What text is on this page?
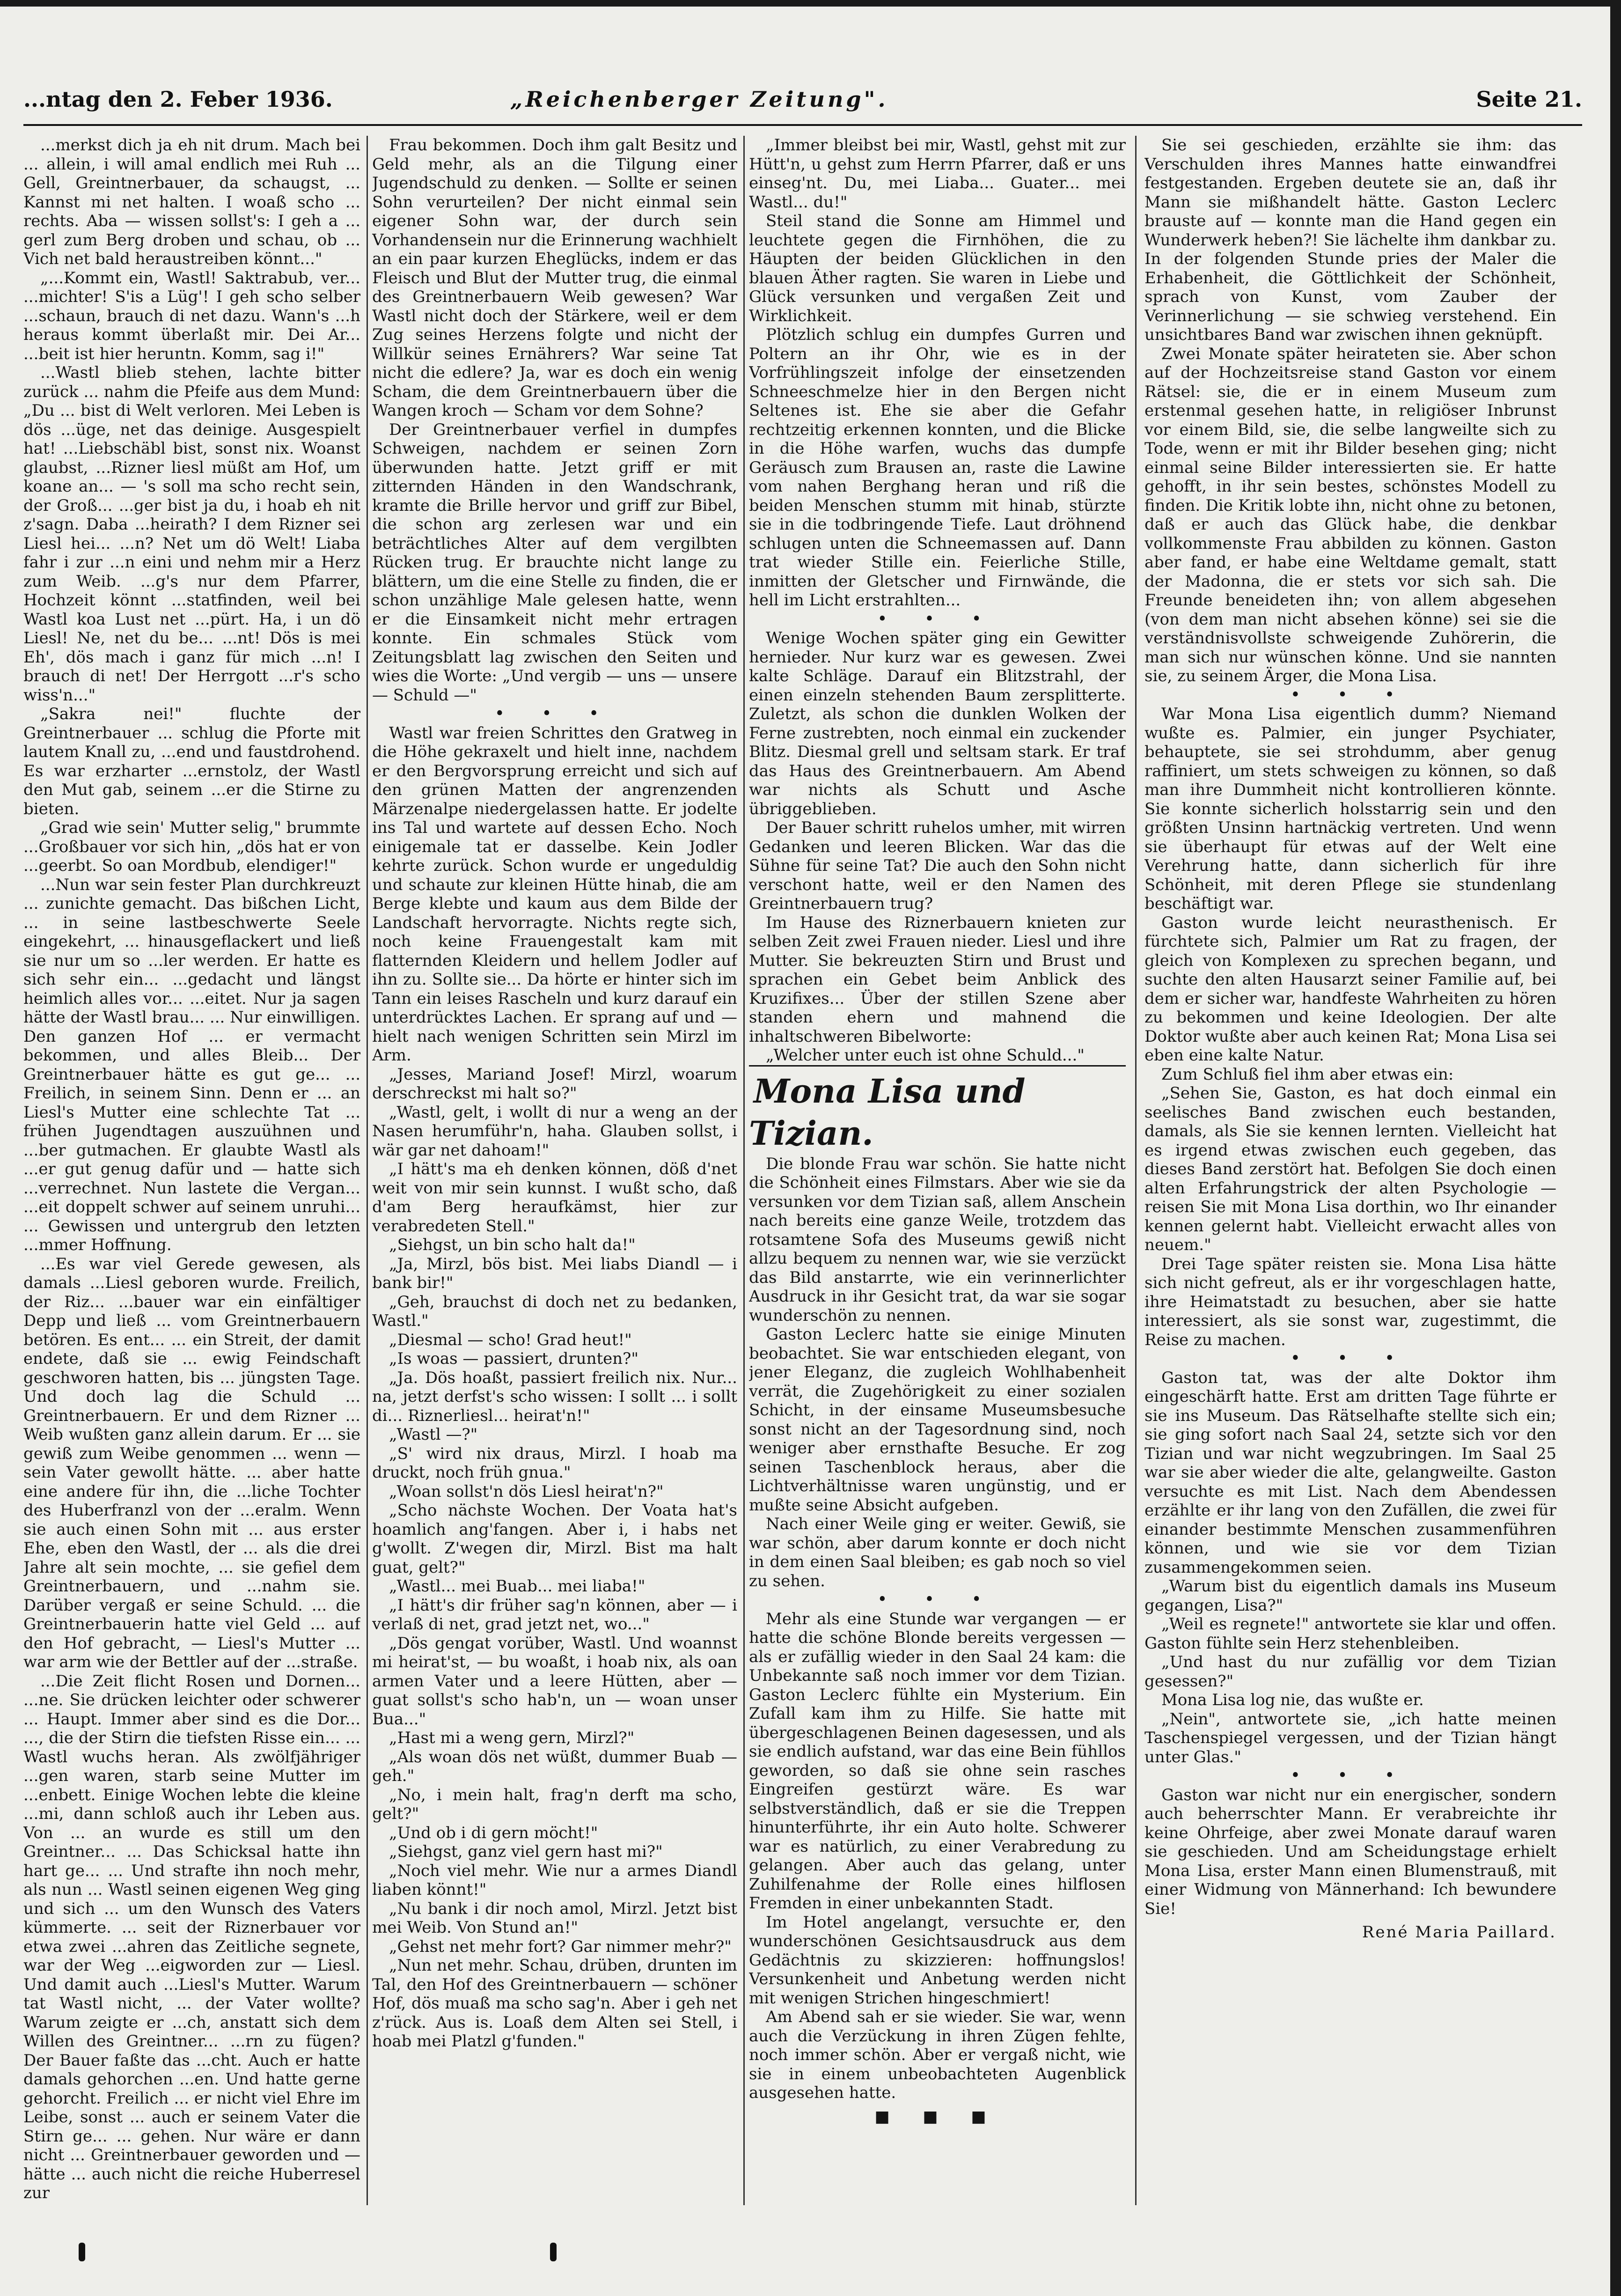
...ntag den 2. Feber 1936.	„Reichenberger Zeitung".	Seite 21.

...merkst dich ja eh nit drum. Mach bei ... allein, i will amal endlich mei Ruh ... Gell, Greintnerbauer, da schaugst, ... Kannst mi net halten. I woaß scho ... rechts. Aba — wissen sollst's: I geh a ... gerl zum Berg droben und schau, ob ... Vich net bald heraustreiben könnt..."

„...Kommt ein, Wastl! Saktrabub, ver... ...michter! S'is a Lüg'! I geh scho selber ...schaun, brauch di net dazu. Wann's ...h heraus kommt überlaßt mir. Dei Ar... ...beit ist hier heruntn. Komm, sag i!"

...Wastl blieb stehen, lachte bitter zurück ... nahm die Pfeife aus dem Mund: „Du ... bist di Welt verloren. Mei Leben is dös ...üge, net das deinige. Ausgespielt hat! ...Liebschäbl bist, sonst nix. Woanst glaubst, ...Rizner liesl müßt am Hof, um koane an... — 's soll ma scho recht sein, der Groß... ...ger bist ja du, i hoab eh nit z'sagn. Daba ...heirath? I dem Rizner sei Liesl hei... ...n? Net um dö Welt! Liaba fahr i zur ...n eini und nehm mir a Herz zum Weib. ...g's nur dem Pfarrer, Hochzeit könnt ...statfinden, weil bei Wastl koa Lust net ...pürt. Ha, i un dö Liesl! Ne, net du be... ...nt! Dös is mei Eh', dös mach i ganz für mich ...n! I brauch di net! Der Herrgott ...r's scho wiss'n..."

„Sakra nei!" fluchte der Greintnerbauer ... schlug die Pforte mit lautem Knall zu, ...end und faustdrohend. Es war erzharter ...ernstolz, der Wastl den Mut gab, seinem ...er die Stirne zu bieten.

„Grad wie sein' Mutter selig," brummte ...Großbauer vor sich hin, „dös hat er von ...geerbt. So oan Mordbub, elendiger!"

...Nun war sein fester Plan durchkreuzt ... zunichte gemacht. Das bißchen Licht, ... in seine lastbeschwerte Seele eingekehrt, ... hinausgeflackert und ließ sie nur um so ...ler werden. Er hatte es sich sehr ein... ...gedacht und längst heimlich alles vor... ...eitet. Nur ja sagen hätte der Wastl brau... ... Nur einwilligen. Den ganzen Hof ... er vermacht bekommen, und alles Bleib... Der Greintnerbauer hätte es gut ge... ... Freilich, in seinem Sinn. Denn er ... an Liesl's Mutter eine schlechte Tat ... frühen Jugendtagen auszuühnen und ...ber gutmachen. Er glaubte Wastl als ...er gut genug dafür und — hatte sich ...verrechnet. Nun lastete die Vergan... ...eit doppelt schwer auf seinem unruhi... ... Gewissen und untergrub den letzten ...mmer Hoffnung.

...Es war viel Gerede gewesen, als damals ...Liesl geboren wurde. Freilich, der Riz... ...bauer war ein einfältiger Depp und ließ ... vom Greintnerbauern betören. Es ent... ... ein Streit, der damit endete, daß sie ... ewig Feindschaft geschworen hatten, bis ... jüngsten Tage. Und doch lag die Schuld ... Greintnerbauern. Er und dem Rizner ... Weib wußten ganz allein darum. Er ... sie gewiß zum Weibe genommen ... wenn — sein Vater gewollt hätte. ... aber hatte eine andere für ihn, die ...liche Tochter des Huberfranzl von der ...eralm. Wenn sie auch einen Sohn mit ... aus erster Ehe, eben den Wastl, der ... als die drei Jahre alt sein mochte, ... sie gefiel dem Greintnerbauern, und ...nahm sie. Darüber vergaß er seine Schuld. ... die Greintnerbauerin hatte viel Geld ... auf den Hof gebracht, — Liesl's Mutter ... war arm wie der Bettler auf der ...straße.

...Die Zeit flicht Rosen und Dornen... ...ne. Sie drücken leichter oder schwerer ... Haupt. Immer aber sind es die Dor... ..., die der Stirn die tiefsten Risse ein... ... Wastl wuchs heran. Als zwölfjähriger ...gen waren, starb seine Mutter im ...enbett. Einige Wochen lebte die kleine ...mi, dann schloß auch ihr Leben aus. Von ... an wurde es still um den Greintner... ... Das Schicksal hatte ihn hart ge... ... Und strafte ihn noch mehr, als nun ... Wastl seinen eigenen Weg ging und sich ... um den Wunsch des Vaters kümmerte. ... seit der Riznerbauer vor etwa zwei ...ahren das Zeitliche segnete, war der Weg ...eigworden zur — Liesl. Und damit auch ...Liesl's Mutter. Warum tat Wastl nicht, ... der Vater wollte? Warum zeigte er ...ch, anstatt sich dem Willen des Greintner... ...rn zu fügen? Der Bauer faßte das ...cht. Auch er hatte damals gehorchen ...en. Und hatte gerne gehorcht. Freilich ... er nicht viel Ehre im Leibe, sonst ... auch er seinem Vater die Stirn ge... ... gehen. Nur wäre er dann nicht ... Greintnerbauer geworden und — hätte ... auch nicht die reiche Huberresel zur

Frau bekommen. Doch ihm galt Besitz und Geld mehr, als an die Tilgung einer Jugendschuld zu denken. — Sollte er seinen Sohn verurteilen? Der nicht einmal sein eigener Sohn war, der durch sein Vorhandensein nur die Erinnerung wachhielt an ein paar kurzen Eheglücks, indem er das Fleisch und Blut der Mutter trug, die einmal des Greintnerbauern Weib gewesen? War Wastl nicht doch der Stärkere, weil er dem Zug seines Herzens folgte und nicht der Willkür seines Ernährers? War seine Tat nicht die edlere? Ja, war es doch ein wenig Scham, die dem Greintnerbauern über die Wangen kroch — Scham vor dem Sohne?

Der Greintnerbauer verfiel in dumpfes Schweigen, nachdem er seinen Zorn überwunden hatte. Jetzt griff er mit zitternden Händen in den Wandschrank, kramte die Brille hervor und griff zur Bibel, die schon arg zerlesen war und ein beträchtliches Alter auf dem vergilbten Rücken trug. Er brauchte nicht lange zu blättern, um die eine Stelle zu finden, die er schon unzählige Male gelesen hatte, wenn er die Einsamkeit nicht mehr ertragen konnte. Ein schmales Stück vom Zeitungsblatt lag zwischen den Seiten und wies die Worte: „Und vergib — uns — unsere — Schuld —"

• • •

Wastl war freien Schrittes den Gratweg in die Höhe gekraxelt und hielt inne, nachdem er den Bergvorsprung erreicht und sich auf den grünen Matten der angrenzenden Märzenalpe niedergelassen hatte. Er jodelte ins Tal und wartete auf dessen Echo. Noch einigemale tat er dasselbe. Kein Jodler kehrte zurück. Schon wurde er ungeduldig und schaute zur kleinen Hütte hinab, die am Berge klebte und kaum aus dem Bilde der Landschaft hervorragte. Nichts regte sich, noch keine Frauengestalt kam mit flatternden Kleidern und hellem Jodler auf ihn zu. Sollte sie... Da hörte er hinter sich im Tann ein leises Rascheln und kurz darauf ein unterdrücktes Lachen. Er sprang auf und — hielt nach wenigen Schritten sein Mirzl im Arm.

„Jesses, Mariand Josef! Mirzl, woarum derschreckst mi halt so?"

„Wastl, gelt, i wollt di nur a weng an der Nasen herumführ'n, haha. Glauben sollst, i wär gar net dahoam!"

„I hätt's ma eh denken können, döß d'net weit von mir sein kunnst. I wußt scho, daß d'am Berg heraufkämst, hier zur verabredeten Stell."

„Siehgst, un bin scho halt da!"

„Ja, Mirzl, bös bist. Mei liabs Diandl — i bank bir!"

„Geh, brauchst di doch net zu bedanken, Wastl."

„Diesmal — scho! Grad heut!"

„Is woas — passiert, drunten?"

„Ja. Dös hoaßt, passiert freilich nix. Nur... na, jetzt derfst's scho wissen: I sollt ... i sollt di... Riznerliesl... heirat'n!"

„Wastl —?"

„S' wird nix draus, Mirzl. I hoab ma druckt, noch früh gnua."

„Woan sollst'n dös Liesl heirat'n?"

„Scho nächste Wochen. Der Voata hat's hoamlich ang'fangen. Aber i, i habs net g'wollt. Z'wegen dir, Mirzl. Bist ma halt guat, gelt?"

„Wastl... mei Buab... mei liaba!"

„I hätt's dir früher sag'n können, aber — i verlaß di net, grad jetzt net, wo..."

„Dös gengat vorüber, Wastl. Und woannst mi heirat'st, — bu woaßt, i hoab nix, als oan armen Vater und a leere Hütten, aber — guat sollst's scho hab'n, un — woan unser Bua..."

„Hast mi a weng gern, Mirzl?"

„Als woan dös net wüßt, dummer Buab — geh."

„No, i mein halt, frag'n derft ma scho, gelt?"

„Und ob i di gern möcht!"

„Siehgst, ganz viel gern hast mi?"

„Noch viel mehr. Wie nur a armes Diandl liaben könnt!"

„Nu bank i dir noch amol, Mirzl. Jetzt bist mei Weib. Von Stund an!"

„Gehst net mehr fort? Gar nimmer mehr?"

„Nun net mehr. Schau, drüben, drunten im Tal, den Hof des Greintnerbauern — schöner Hof, dös muaß ma scho sag'n. Aber i geh net z'rück. Aus is. Loaß dem Alten sei Stell, i hoab mei Platzl g'funden."

„Immer bleibst bei mir, Wastl, gehst mit zur Hütt'n, u gehst zum Herrn Pfarrer, daß er uns einseg'nt. Du, mei Liaba... Guater... mei Wastl... du!"

Steil stand die Sonne am Himmel und leuchtete gegen die Firnhöhen, die zu Häupten der beiden Glücklichen in den blauen Äther ragten. Sie waren in Liebe und Glück versunken und vergaßen Zeit und Wirklichkeit.

Plötzlich schlug ein dumpfes Gurren und Poltern an ihr Ohr, wie es in der Vorfrühlingszeit infolge der einsetzenden Schneeschmelze hier in den Bergen nicht Seltenes ist. Ehe sie aber die Gefahr rechtzeitig erkennen konnten, und die Blicke in die Höhe warfen, wuchs das dumpfe Geräusch zum Brausen an, raste die Lawine vom nahen Berghang heran und riß die beiden Menschen stumm mit hinab, stürzte sie in die todbringende Tiefe. Laut dröhnend schlugen unten die Schneemassen auf. Dann trat wieder Stille ein. Feierliche Stille, inmitten der Gletscher und Firnwände, die hell im Licht erstrahlten...

• • •

Wenige Wochen später ging ein Gewitter hernieder. Nur kurz war es gewesen. Zwei kalte Schläge. Darauf ein Blitzstrahl, der einen einzeln stehenden Baum zersplitterte. Zuletzt, als schon die dunklen Wolken der Ferne zustrebten, noch einmal ein zuckender Blitz. Diesmal grell und seltsam stark. Er traf das Haus des Greintnerbauern. Am Abend war nichts als Schutt und Asche übriggeblieben.

Der Bauer schritt ruhelos umher, mit wirren Gedanken und leeren Blicken. War das die Sühne für seine Tat? Die auch den Sohn nicht verschont hatte, weil er den Namen des Greintnerbauern trug?

Im Hause des Riznerbauern knieten zur selben Zeit zwei Frauen nieder. Liesl und ihre Mutter. Sie bekreuzten Stirn und Brust und sprachen ein Gebet beim Anblick des Kruzifixes... Über der stillen Szene aber standen ehern und mahnend die inhaltschweren Bibelworte:

„Welcher unter euch ist ohne Schuld..."

Mona Lisa und Tizian.

Die blonde Frau war schön. Sie hatte nicht die Schönheit eines Filmstars. Aber wie sie da versunken vor dem Tizian saß, allem Anschein nach bereits eine ganze Weile, trotzdem das rotsamtene Sofa des Museums gewiß nicht allzu bequem zu nennen war, wie sie verzückt das Bild anstarrte, wie ein verinnerlichter Ausdruck in ihr Gesicht trat, da war sie sogar wunderschön zu nennen.

Gaston Leclerc hatte sie einige Minuten beobachtet. Sie war entschieden elegant, von jener Eleganz, die zugleich Wohlhabenheit verrät, die Zugehörigkeit zu einer sozialen Schicht, in der einsame Museumsbesuche sonst nicht an der Tagesordnung sind, noch weniger aber ernsthafte Besuche. Er zog seinen Taschenblock heraus, aber die Lichtverhältnisse waren ungünstig, und er mußte seine Absicht aufgeben.

Nach einer Weile ging er weiter. Gewiß, sie war schön, aber darum konnte er doch nicht in dem einen Saal bleiben; es gab noch so viel zu sehen.

• • •

Mehr als eine Stunde war vergangen — er hatte die schöne Blonde bereits vergessen — als er zufällig wieder in den Saal 24 kam: die Unbekannte saß noch immer vor dem Tizian. Gaston Leclerc fühlte ein Mysterium. Ein Zufall kam ihm zu Hilfe. Sie hatte mit übergeschlagenen Beinen dagesessen, und als sie endlich aufstand, war das eine Bein fühllos geworden, so daß sie ohne sein rasches Eingreifen gestürzt wäre. Es war selbstverständlich, daß er sie die Treppen hinunterführte, ihr ein Auto holte. Schwerer war es natürlich, zu einer Verabredung zu gelangen. Aber auch das gelang, unter Zuhilfenahme der Rolle eines hilflosen Fremden in einer unbekannten Stadt.

Im Hotel angelangt, versuchte er, den wunderschönen Gesichtsausdruck aus dem Gedächtnis zu skizzieren: hoffnungslos! Versunkenheit und Anbetung werden nicht mit wenigen Strichen hingeschmiert!

Am Abend sah er sie wieder. Sie war, wenn auch die Verzückung in ihren Zügen fehlte, noch immer schön. Aber er vergaß nicht, wie sie in einem unbeobachteten Augenblick ausgesehen hatte.

■ ■ ■

Sie sei geschieden, erzählte sie ihm: das Verschulden ihres Mannes hatte einwandfrei festgestanden. Ergeben deutete sie an, daß ihr Mann sie mißhandelt hätte. Gaston Leclerc brauste auf — konnte man die Hand gegen ein Wunderwerk heben?! Sie lächelte ihm dankbar zu. In der folgenden Stunde pries der Maler die Erhabenheit, die Göttlichkeit der Schönheit, sprach von Kunst, vom Zauber der Verinnerlichung — sie schwieg verstehend. Ein unsichtbares Band war zwischen ihnen geknüpft.

Zwei Monate später heirateten sie. Aber schon auf der Hochzeitsreise stand Gaston vor einem Rätsel: sie, die er in einem Museum zum erstenmal gesehen hatte, in religiöser Inbrunst vor einem Bild, sie, die selbe langweilte sich zu Tode, wenn er mit ihr Bilder besehen ging; nicht einmal seine Bilder interessierten sie. Er hatte gehofft, in ihr sein bestes, schönstes Modell zu finden. Die Kritik lobte ihn, nicht ohne zu betonen, daß er auch das Glück habe, die denkbar vollkommenste Frau abbilden zu können. Gaston aber fand, er habe eine Weltdame gemalt, statt der Madonna, die er stets vor sich sah. Die Freunde beneideten ihn; von allem abgesehen (von dem man nicht absehen könne) sei sie die verständnisvollste schweigende Zuhörerin, die man sich nur wünschen könne. Und sie nannten sie, zu seinem Ärger, die Mona Lisa.

• • •

War Mona Lisa eigentlich dumm? Niemand wußte es. Palmier, ein junger Psychiater, behauptete, sie sei strohdumm, aber genug raffiniert, um stets schweigen zu können, so daß man ihre Dummheit nicht kontrollieren könnte. Sie konnte sicherlich holsstarrig sein und den größten Unsinn hartnäckig vertreten. Und wenn sie überhaupt für etwas auf der Welt eine Verehrung hatte, dann sicherlich für ihre Schönheit, mit deren Pflege sie stundenlang beschäftigt war.

Gaston wurde leicht neurasthenisch. Er fürchtete sich, Palmier um Rat zu fragen, der gleich von Komplexen zu sprechen begann, und suchte den alten Hausarzt seiner Familie auf, bei dem er sicher war, handfeste Wahrheiten zu hören zu bekommen und keine Ideologien. Der alte Doktor wußte aber auch keinen Rat; Mona Lisa sei eben eine kalte Natur.

Zum Schluß fiel ihm aber etwas ein:

„Sehen Sie, Gaston, es hat doch einmal ein seelisches Band zwischen euch bestanden, damals, als Sie sie kennen lernten. Vielleicht hat es irgend etwas zwischen euch gegeben, das dieses Band zerstört hat. Befolgen Sie doch einen alten Erfahrungstrick der alten Psychologie — reisen Sie mit Mona Lisa dorthin, wo Ihr einander kennen gelernt habt. Vielleicht erwacht alles von neuem."

Drei Tage später reisten sie. Mona Lisa hätte sich nicht gefreut, als er ihr vorgeschlagen hatte, ihre Heimatstadt zu besuchen, aber sie hatte interessiert, als sie sonst war, zugestimmt, die Reise zu machen.

• • •

Gaston tat, was der alte Doktor ihm eingeschärft hatte. Erst am dritten Tage führte er sie ins Museum. Das Rätselhafte stellte sich ein; sie ging sofort nach Saal 24, setzte sich vor den Tizian und war nicht wegzubringen. Im Saal 25 war sie aber wieder die alte, gelangweilte. Gaston versuchte es mit List. Nach dem Abendessen erzählte er ihr lang von den Zufällen, die zwei für einander bestimmte Menschen zusammenführen können, und wie sie vor dem Tizian zusammengekommen seien.

„Warum bist du eigentlich damals ins Museum gegangen, Lisa?"

„Weil es regnete!" antwortete sie klar und offen. Gaston fühlte sein Herz stehenbleiben.

„Und hast du nur zufällig vor dem Tizian gesessen?"

Mona Lisa log nie, das wußte er.

„Nein", antwortete sie, „ich hatte meinen Taschenspiegel vergessen, und der Tizian hängt unter Glas."

• • •

Gaston war nicht nur ein energischer, sondern auch beherrschter Mann. Er verabreichte ihr keine Ohrfeige, aber zwei Monate darauf waren sie geschieden. Und am Scheidungstage erhielt Mona Lisa, erster Mann einen Blumenstrauß, mit einer Widmung von Männerhand: Ich bewundere Sie!

René Maria Paillard.
